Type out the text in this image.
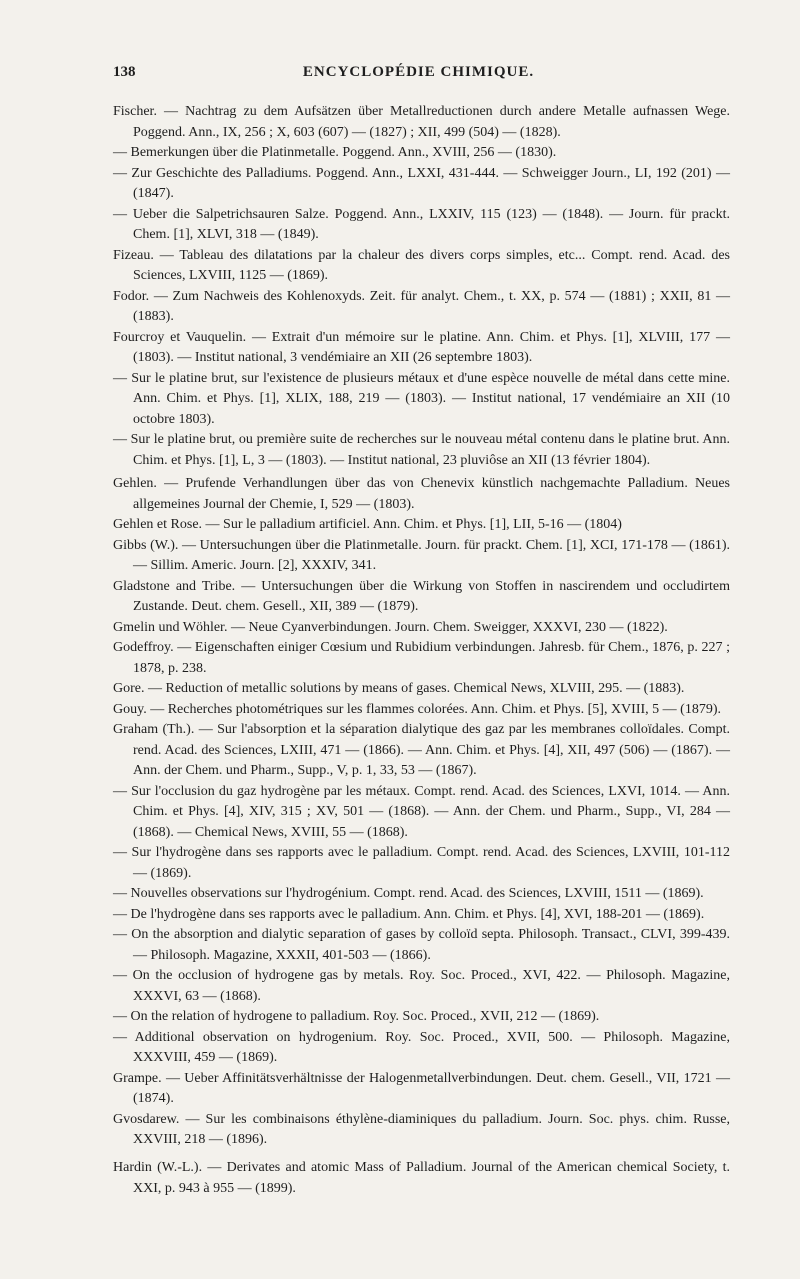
138	ENCYCLOPÉDIE CHIMIQUE.

Fischer. — Nachtrag zu dem Aufsätzen über Metallreductionen durch andere Metalle aufnassen Wege. Poggend. Ann., IX, 256 ; X, 603 (607) — (1827) ; XII, 499 (504) — (1828).

— Bemerkungen über die Platinmetalle. Poggend. Ann., XVIII, 256 — (1830).

— Zur Geschichte des Palladiums. Poggend. Ann., LXXI, 431-444. — Schweigger Journ., LI, 192 (201) — (1847).

— Ueber die Salpetrichsauren Salze. Poggend. Ann., LXXIV, 115 (123) — (1848). — Journ. für prackt. Chem. [1], XLVI, 318 — (1849).

Fizeau. — Tableau des dilatations par la chaleur des divers corps simples, etc... Compt. rend. Acad. des Sciences, LXVIII, 1125 — (1869).

Fodor. — Zum Nachweis des Kohlenoxyds. Zeit. für analyt. Chem., t. XX, p. 574 — (1881) ; XXII, 81 — (1883).

Fourcroy et Vauquelin. — Extrait d'un mémoire sur le platine. Ann. Chim. et Phys. [1], XLVIII, 177 — (1803). — Institut national, 3 vendémiaire an XII (26 septembre 1803).

— Sur le platine brut, sur l'existence de plusieurs métaux et d'une espèce nouvelle de métal dans cette mine. Ann. Chim. et Phys. [1], XLIX, 188, 219 — (1803). — Institut national, 17 vendémiaire an XII (10 octobre 1803).

— Sur le platine brut, ou première suite de recherches sur le nouveau métal contenu dans le platine brut. Ann. Chim. et Phys. [1], L, 3 — (1803). — Institut national, 23 pluviôse an XII (13 février 1804).

Gehlen. — Prufende Verhandlungen über das von Chenevix künstlich nachgemachte Palladium. Neues allgemeines Journal der Chemie, I, 529 — (1803).

Gehlen et Rose. — Sur le palladium artificiel. Ann. Chim. et Phys. [1], LII, 5-16 — (1804)

Gibbs (W.). — Untersuchungen über die Platinmetalle. Journ. für prackt. Chem. [1], XCI, 171-178 — (1861). — Sillim. Americ. Journ. [2], XXXIV, 341.

Gladstone and Tribe. — Untersuchungen über die Wirkung von Stoffen in nascirendem und occludirtem Zustande. Deut. chem. Gesell., XII, 389 — (1879).

Gmelin und Wöhler. — Neue Cyanverbindungen. Journ. Chem. Sweigger, XXXVI, 230 — (1822).

Godeffroy. — Eigenschaften einiger Cœsium und Rubidium verbindungen. Jahresb. für Chem., 1876, p. 227 ; 1878, p. 238.

Gore. — Reduction of metallic solutions by means of gases. Chemical News, XLVIII, 295. — (1883).

Gouy. — Recherches photométriques sur les flammes colorées. Ann. Chim. et Phys. [5], XVIII, 5 — (1879).

Graham (Th.). — Sur l'absorption et la séparation dialytique des gaz par les membranes colloïdales. Compt. rend. Acad. des Sciences, LXIII, 471 — (1866). — Ann. Chim. et Phys. [4], XII, 497 (506) — (1867). — Ann. der Chem. und Pharm., Supp., V, p. 1, 33, 53 — (1867).

— Sur l'occlusion du gaz hydrogène par les métaux. Compt. rend. Acad. des Sciences, LXVI, 1014. — Ann. Chim. et Phys. [4], XIV, 315 ; XV, 501 — (1868). — Ann. der Chem. und Pharm., Supp., VI, 284 — (1868). — Chemical News, XVIII, 55 — (1868).

— Sur l'hydrogène dans ses rapports avec le palladium. Compt. rend. Acad. des Sciences, LXVIII, 101-112 — (1869).

— Nouvelles observations sur l'hydrogénium. Compt. rend. Acad. des Sciences, LXVIII, 1511 — (1869).

— De l'hydrogène dans ses rapports avec le palladium. Ann. Chim. et Phys. [4], XVI, 188-201 — (1869).

— On the absorption and dialytic separation of gases by colloïd septa. Philosoph. Transact., CLVI, 399-439. — Philosoph. Magazine, XXXII, 401-503 — (1866).

— On the occlusion of hydrogene gas by metals. Roy. Soc. Proced., XVI, 422. — Philosoph. Magazine, XXXVI, 63 — (1868).

— On the relation of hydrogene to palladium. Roy. Soc. Proced., XVII, 212 — (1869).

— Additional observation on hydrogenium. Roy. Soc. Proced., XVII, 500. — Philosoph. Magazine, XXXVIII, 459 — (1869).

Grampe. — Ueber Affinitätsverhältnisse der Halogenmetallverbindungen. Deut. chem. Gesell., VII, 1721 — (1874).

Gvosdarew. — Sur les combinaisons éthylène-diaminiques du palladium. Journ. Soc. phys. chim. Russe, XXVIII, 218 — (1896).

Hardin (W.-L.). — Derivates and atomic Mass of Palladium. Journal of the American chemical Society, t. XXI, p. 943 à 955 — (1899).
